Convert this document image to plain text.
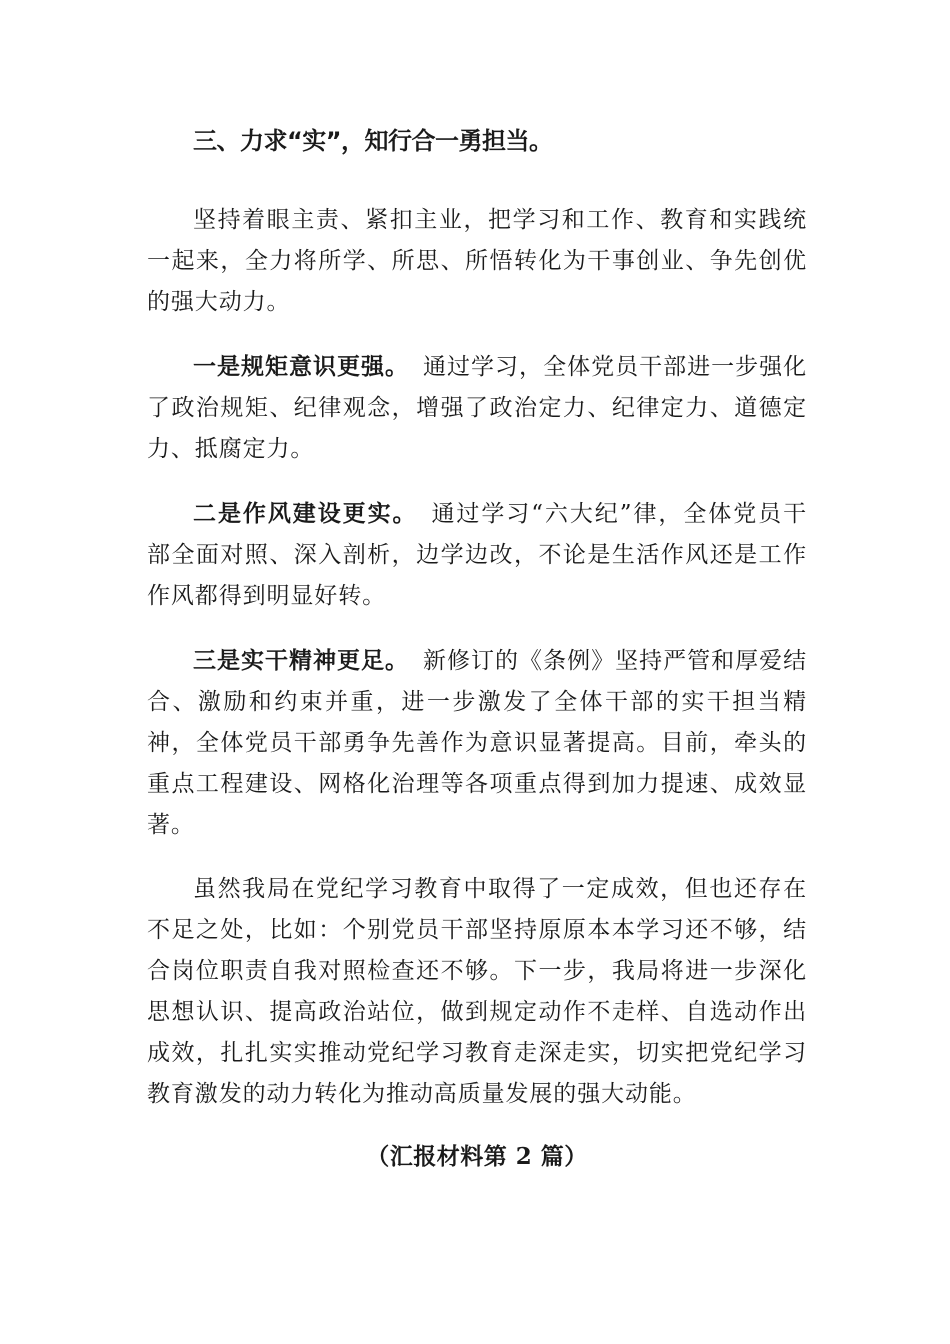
三、力求“实”，知行合一勇担当。

坚持着眼主责、紧扣主业，把学习和工作、教育和实践统一起来，全力将所学、所思、所悟转化为干事创业、争先创优的强大动力。

一是规矩意识更强。 通过学习，全体党员干部进一步强化了政治规矩、纪律观念，增强了政治定力、纪律定力、道德定力、抵腐定力。

二是作风建设更实。 通过学习“六大纪”律，全体党员干 部全面对照、深入剖析，边学边改，不论是生活作风还是工作 作风都得到明显好转。

三是实干精神更足。 新修订的《条例》坚持严管和厚爱结合、激励和约束并重，进一步激发了全体干部的实干担当精神，全体党员干部勇争先善作为意识显著提高。目前，牵头的重点工程建设、网格化治理等各项重点得到加力提速、成效显著。

虽然我局在党纪学习教育中取得了一定成效，但也还存在不足之处，比如：个别党员干部坚持原原本本学习还不够，结合岗位职责自我对照检查还不够。下一步，我局将进一步深化思想认识、提高政治站位，做到规定动作不走样、自选动作出成效，扎扎实实推动党纪学习教育走深走实，切实把党纪学习教育激发的动力转化为推动高质量发展的强大动能。

（汇报材料第 2 篇）
